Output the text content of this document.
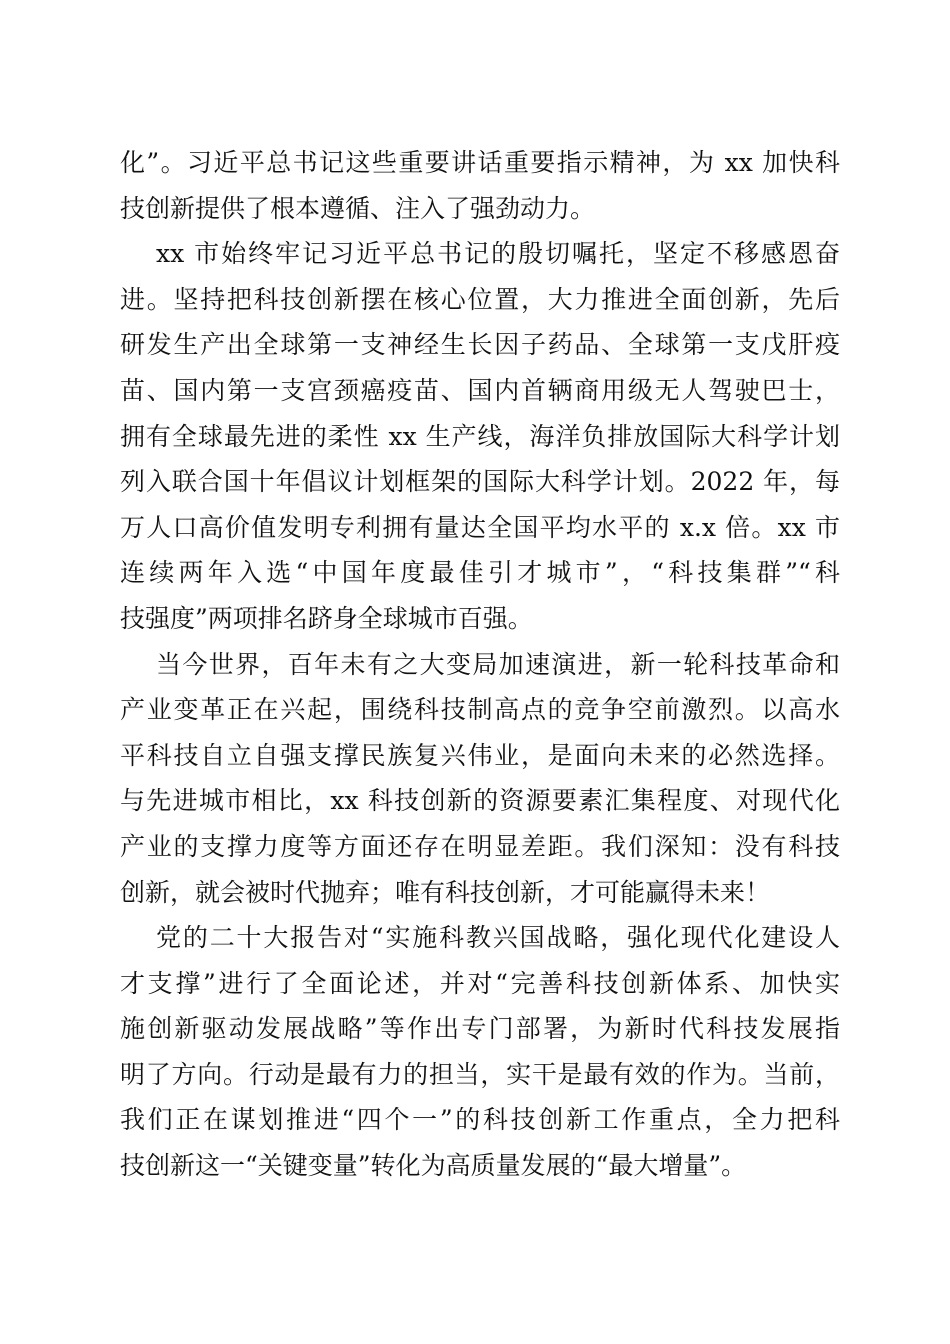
化”。习近平总书记这些重要讲话重要指示精神，为 xx 加快科
技创新提供了根本遵循、注入了强劲动力。
xx 市始终牢记习近平总书记的殷切嘱托，坚定不移感恩奋
进。坚持把科技创新摆在核心位置，大力推进全面创新，先后
研发生产出全球第一支神经生长因子药品、全球第一支戊肝疫
苗、国内第一支宫颈癌疫苗、国内首辆商用级无人驾驶巴士，
拥有全球最先进的柔性 xx 生产线，海洋负排放国际大科学计划
列入联合国十年倡议计划框架的国际大科学计划。2022 年，每
万人口高价值发明专利拥有量达全国平均水平的 x.x 倍。xx 市
连续两年入选“中国年度最佳引才城市”，“科技集群”“科
技强度”两项排名跻身全球城市百强。
当今世界，百年未有之大变局加速演进，新一轮科技革命和
产业变革正在兴起，围绕科技制高点的竞争空前激烈。以高水
平科技自立自强支撑民族复兴伟业，是面向未来的必然选择。
与先进城市相比，xx 科技创新的资源要素汇集程度、对现代化
产业的支撑力度等方面还存在明显差距。我们深知：没有科技
创新，就会被时代抛弃；唯有科技创新，才可能赢得未来！
党的二十大报告对“实施科教兴国战略，强化现代化建设人
才支撑”进行了全面论述，并对“完善科技创新体系、加快实
施创新驱动发展战略”等作出专门部署，为新时代科技发展指
明了方向。行动是最有力的担当，实干是最有效的作为。当前，
我们正在谋划推进“四个一”的科技创新工作重点，全力把科
技创新这一“关键变量”转化为高质量发展的“最大增量”。
